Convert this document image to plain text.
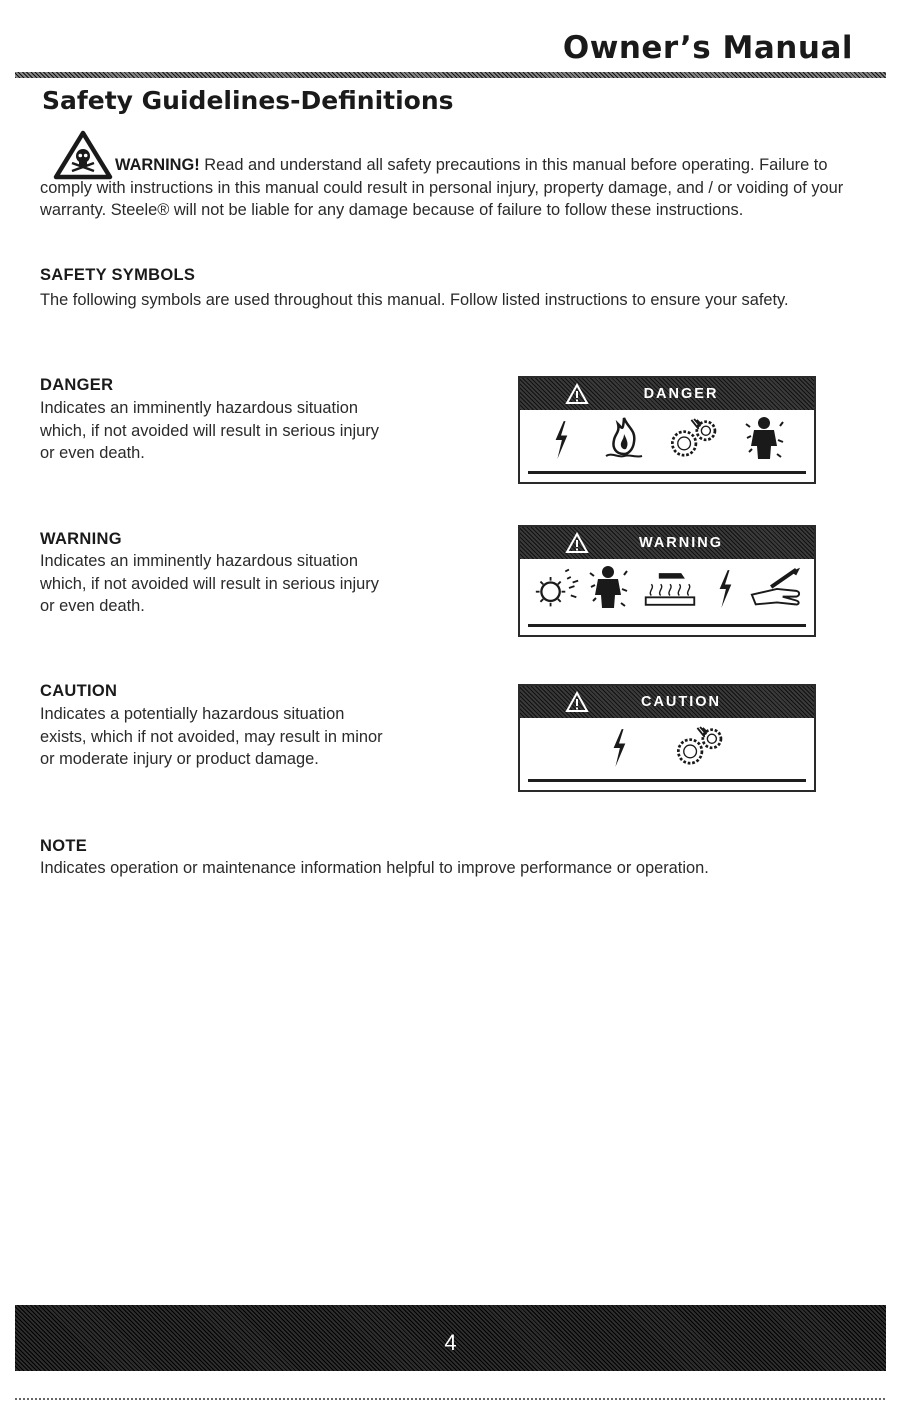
Owner’s Manual
Safety Guidelines-Definitions
WARNING! Read and understand all safety precautions in this manual before operating. Failure to comply with instructions in this manual could result in personal injury, property damage, and / or voiding of your warranty. Steele® will not be liable for any damage because of failure to follow these instructions.
SAFETY SYMBOLS
The following symbols are used throughout this manual. Follow listed instructions to ensure your safety.
DANGER
Indicates an imminently hazardous situation which, if not avoided will result in serious injury or even death.
DANGER
WARNING
Indicates an imminently hazardous situation which, if not avoided will result in serious injury or even death.
WARNING
CAUTION
Indicates a potentially hazardous situation exists, which if not avoided, may result in minor or moderate injury or product damage.
CAUTION
NOTE
Indicates operation or maintenance information helpful to improve performance or operation.
4
